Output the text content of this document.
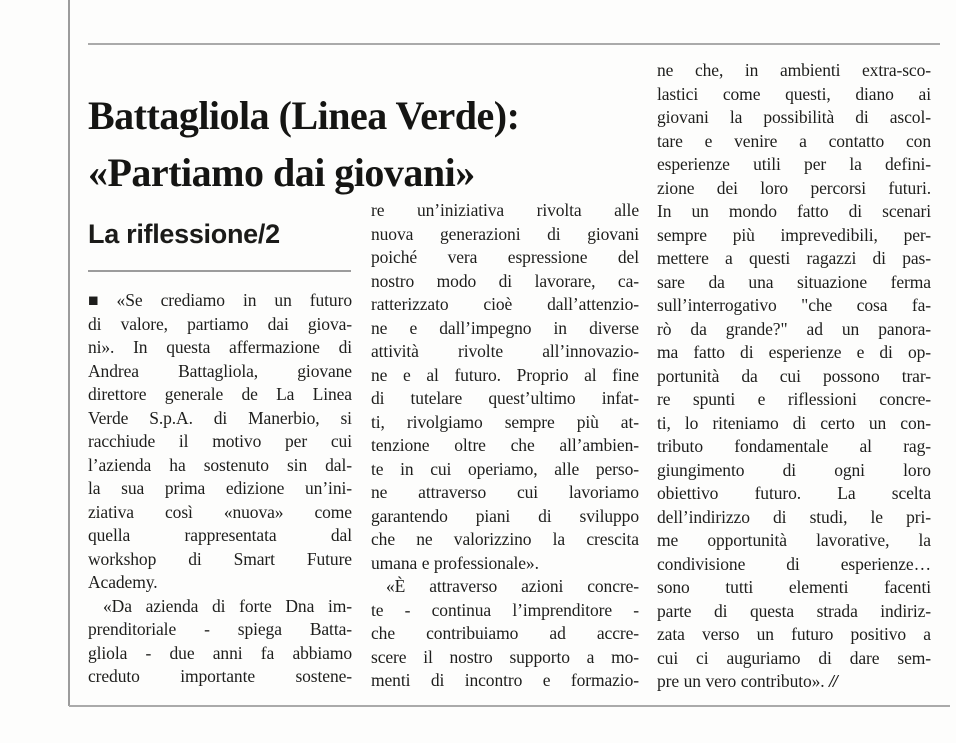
Battagliola (Linea Verde):
«Partiamo dai giovani»
La riflessione/2
■ «Se crediamo in un futuro
di valore, partiamo dai giova-
ni». In questa affermazione di
Andrea Battagliola, giovane
direttore generale de La Linea
Verde S.p.A. di Manerbio, si
racchiude il motivo per cui
l’azienda ha sostenuto sin dal-
la sua prima edizione un’ini-
ziativa così «nuova» come
quella	rappresentata	dal
workshop di Smart Future
Academy.
«Da azienda di forte Dna im-
prenditoriale - spiega Batta-
gliola - due anni fa abbiamo
creduto importante sostene-
re un’iniziativa rivolta alle
nuova generazioni di giovani
poiché vera espressione del
nostro modo di lavorare, ca-
ratterizzato cioè dall’attenzio-
ne e dall’impegno in diverse
attività rivolte all’innovazio-
ne e al futuro. Proprio al fine
di tutelare quest’ultimo infat-
ti, rivolgiamo sempre più at-
tenzione oltre che all’ambien-
te in cui operiamo, alle perso-
ne attraverso cui lavoriamo
garantendo piani di sviluppo
che ne valorizzino la crescita
umana e professionale».
«È attraverso azioni concre-
te - continua l’imprenditore -
che contribuiamo ad accre-
scere il nostro supporto a mo-
menti di incontro e formazio-
ne che, in ambienti extra-sco-
lastici come questi, diano ai
giovani la possibilità di ascol-
tare e venire a contatto con
esperienze utili per la defini-
zione dei loro percorsi futuri.
In un mondo fatto di scenari
sempre più imprevedibili, per-
mettere a questi ragazzi di pas-
sare da una situazione ferma
sull’interrogativo "che cosa fa-
rò da grande?" ad un panora-
ma fatto di esperienze e di op-
portunità da cui possono trar-
re spunti e riflessioni concre-
ti, lo riteniamo di certo un con-
tributo fondamentale al rag-
giungimento di ogni loro
obiettivo futuro. La scelta
dell’indirizzo di studi, le pri-
me opportunità lavorative, la
condivisione di esperienze…
sono tutti elementi facenti
parte di questa strada indiriz-
zata verso un futuro positivo a
cui ci auguriamo di dare sem-
pre un vero contributo». //
